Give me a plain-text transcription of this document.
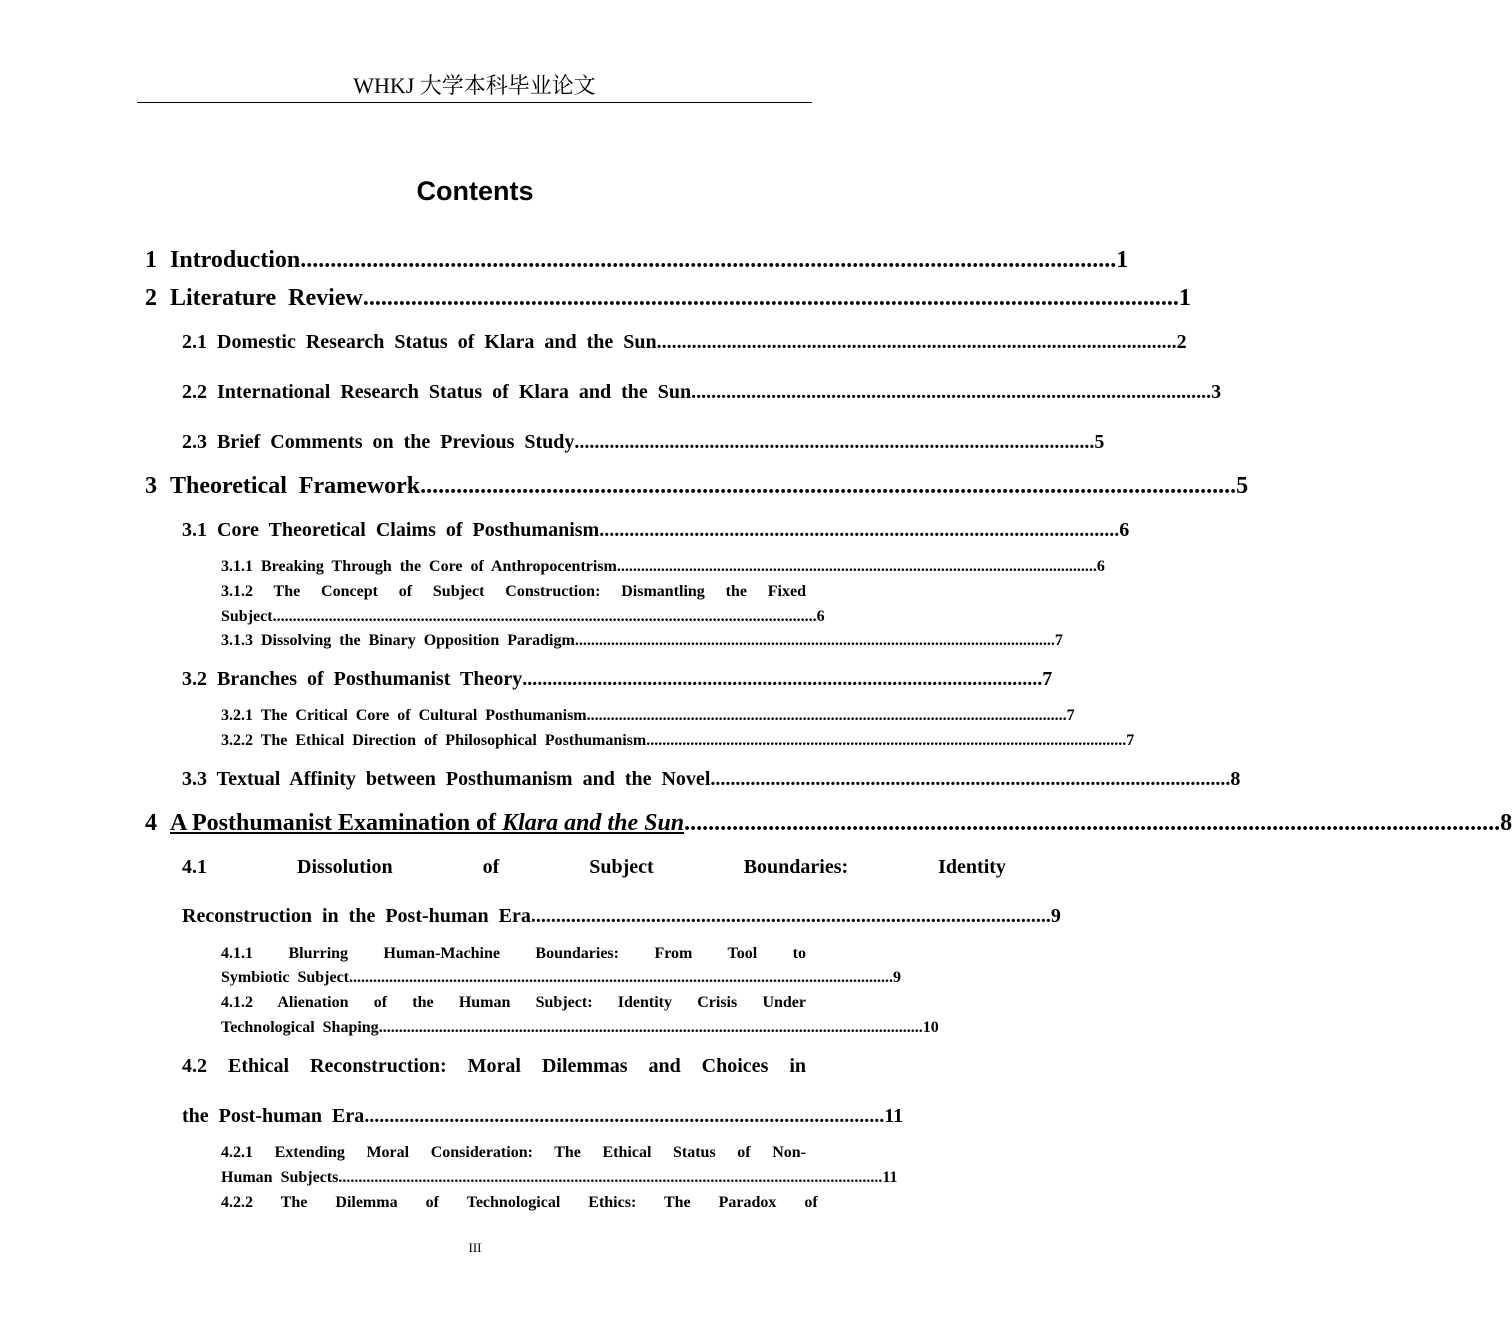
WHKJ 大学本科毕业论文
Contents
1 Introduction ........................................................................................................................................ 1
2 Literature  Review ........................................................................................................................................ 1
2.1  Domestic  Research  Status  of  Klara  and  the  Sun ........................................................................................................ 2
2.2  International  Research  Status  of  Klara  and  the  Sun ........................................................................................................ 3
2.3  Brief  Comments  on  the  Previous  Study ........................................................................................................ 5
3 Theoretical  Framework ........................................................................................................................................ 5
3.1  Core  Theoretical  Claims  of  Posthumanism ........................................................................................................ 6
3.1.1  Breaking  Through  the  Core  of  Anthropocentrism ........................................................................................................................ 6
3.1.2  The  Concept  of  Subject  Construction:  Dismantling  the  Fixed
Subject ........................................................................................................................................ 6
3.1.3  Dissolving  the  Binary  Opposition  Paradigm ........................................................................................................................ 7
3.2  Branches  of  Posthumanist  Theory ........................................................................................................ 7
3.2.1  The  Critical  Core  of  Cultural  Posthumanism ........................................................................................................................ 7
3.2.2  The  Ethical  Direction  of  Philosophical  Posthumanism ........................................................................................................................ 7
3.3  Textual  Affinity  between  Posthumanism  and  the  Novel ........................................................................................................ 8
4 A Posthumanist Examination of Klara and the Sun ........................................................................................................................................ 8
4.1  Dissolution  of  Subject  Boundaries:  Identity
Reconstruction  in  the  Post-human  Era ........................................................................................................ 9
4.1.1  Blurring  Human-Machine  Boundaries:  From  Tool  to
Symbiotic  Subject ........................................................................................................................................ 9
4.1.2  Alienation  of  the  Human  Subject:  Identity  Crisis  Under
Technological  Shaping ........................................................................................................................................ 10
4.2  Ethical  Reconstruction:  Moral  Dilemmas  and  Choices  in
the  Post-human  Era ........................................................................................................ 11
4.2.1  Extending  Moral  Consideration:  The  Ethical  Status  of  Non-
Human  Subjects ........................................................................................................................................ 11
4.2.2  The  Dilemma  of  Technological  Ethics:  The  Paradox  of
III
